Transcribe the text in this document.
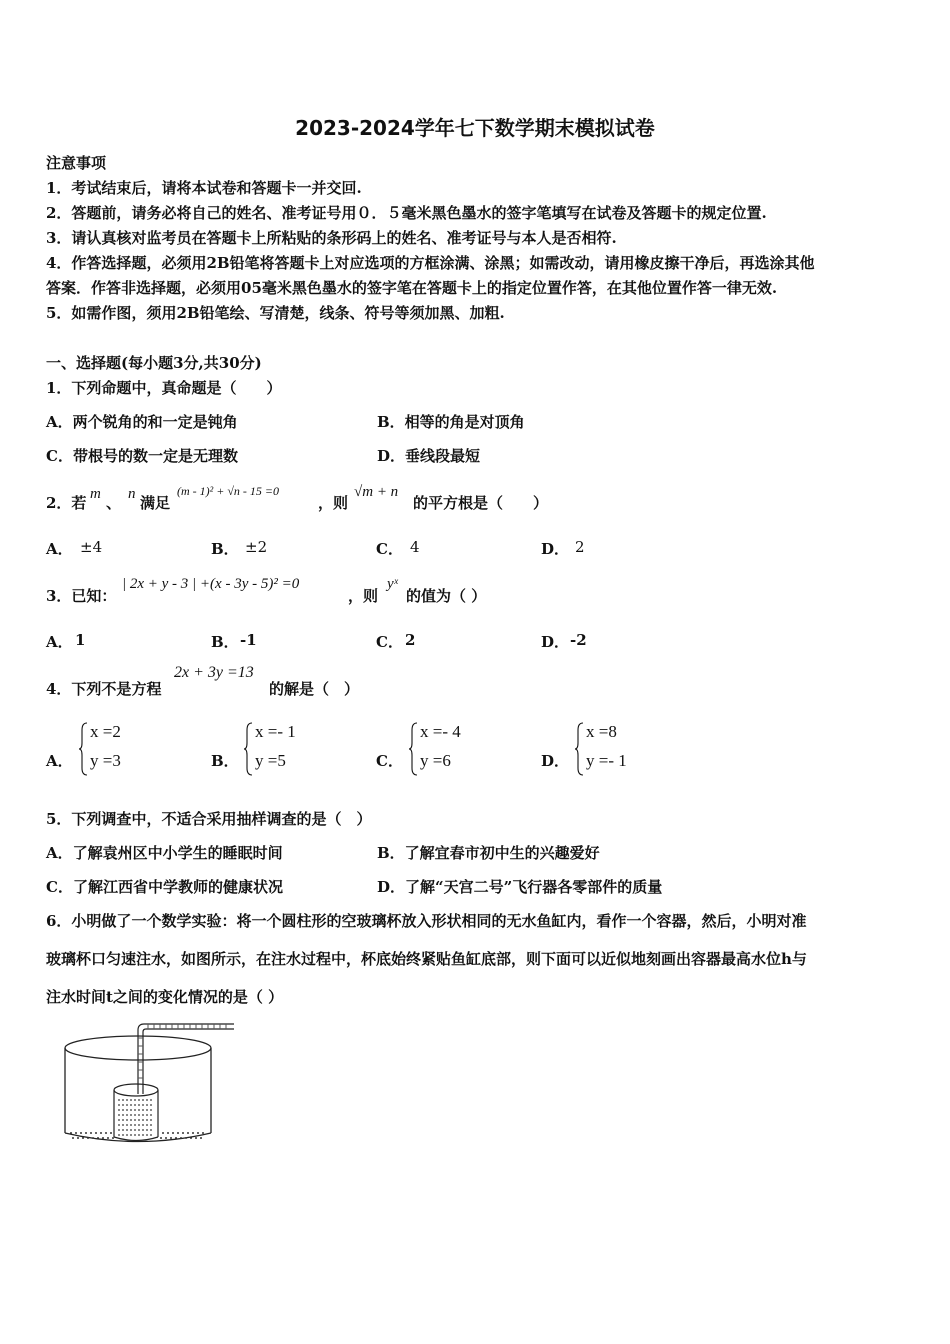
2023-2024学年七下数学期末模拟试卷
注意事项
1．考试结束后，请将本试卷和答题卡一并交回.
2．答题前，请务必将自己的姓名、准考证号用０．５毫米黑色墨水的签字笔填写在试卷及答题卡的规定位置.
3．请认真核对监考员在答题卡上所粘贴的条形码上的姓名、准考证号与本人是否相符.
4．作答选择题，必须用2B铅笔将答题卡上对应选项的方框涂满、涂黑；如需改动，请用橡皮擦干净后，再选涂其他
答案．作答非选择题，必须用05毫米黑色墨水的签字笔在答题卡上的指定位置作答，在其他位置作答一律无效.
5．如需作图，须用2B铅笔绘、写清楚，线条、符号等须加黑、加粗.
一、选择题(每小题3分,共30分)
1．下列命题中，真命题是（　　）
A．两个锐角的和一定是钝角	B．相等的角是对顶角
C．带根号的数一定是无理数	D．垂线段最短
2．若 m 、 n 满足
(m - 1)² + √n - 15 =0
，则
√m + n
的平方根是（　　）
A． ±4	B． ±2	C． 4	D． 2
3．已知：
| 2x + y - 3 | +(x - 3y - 5)² =0
，则
yˣ
的值为（ ）
A． 1	B． -1	C． 2	D． -2
4．下列不是方程
2x + 3y =13
的解是（　）
A．
x =2
y =3	B．
x =- 1
y =5	C．
x =- 4
y =6	D．
x =8
y =- 1
5．下列调查中，不适合采用抽样调查的是（　）
A．了解袁州区中小学生的睡眠时间	B．了解宜春市初中生的兴趣爱好
C．了解江西省中学教师的健康状况	D．了解“天宫二号”飞行器各零部件的质量
6．小明做了一个数学实验：将一个圆柱形的空玻璃杯放入形状相同的无水鱼缸内，看作一个容器，然后，小明对准
玻璃杯口匀速注水，如图所示，在注水过程中，杯底始终紧贴鱼缸底部，则下面可以近似地刻画出容器最高水位h与
注水时间t之间的变化情况的是（ ）
